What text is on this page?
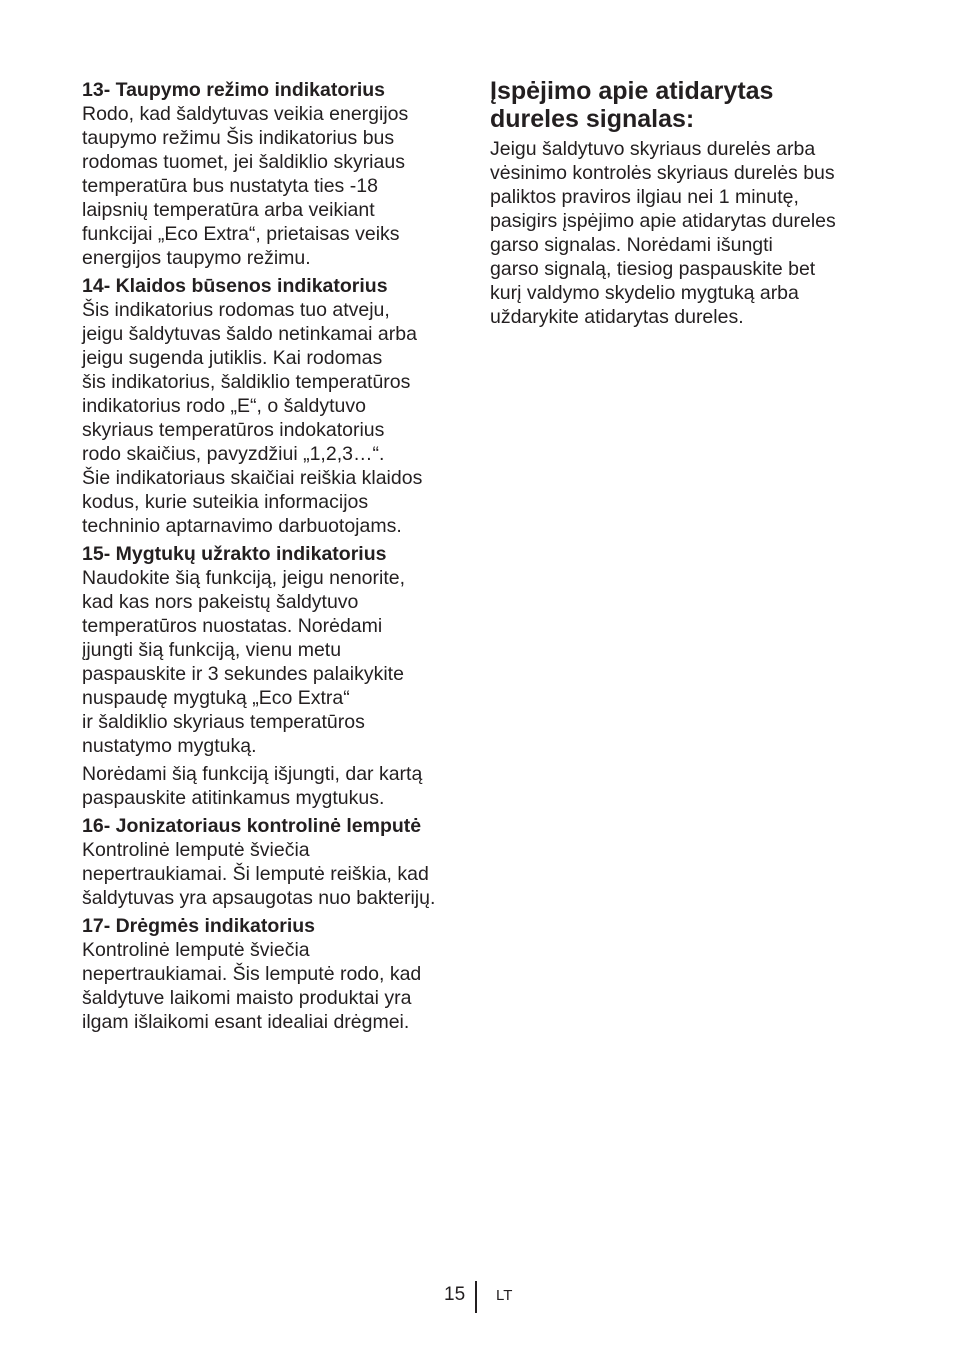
13- Taupymo režimo indikatorius

Rodo, kad šaldytuvas veikia energijos
taupymo režimu Šis indikatorius bus
rodomas tuomet, jei šaldiklio skyriaus
temperatūra bus nustatyta ties -18
laipsnių temperatūra arba veikiant
funkcijai „Eco Extra“, prietaisas veiks
energijos taupymo režimu.

14- Klaidos būsenos indikatorius

Šis indikatorius rodomas tuo atveju,
jeigu šaldytuvas šaldo netinkamai arba
jeigu sugenda jutiklis. Kai rodomas
šis indikatorius, šaldiklio temperatūros
indikatorius rodo „E“, o šaldytuvo
skyriaus temperatūros indokatorius
rodo skaičius, pavyzdžiui „1,2,3…“.
Šie indikatoriaus skaičiai reiškia klaidos
kodus, kurie suteikia informacijos
techninio aptarnavimo darbuotojams.

15- Mygtukų užrakto indikatorius

Naudokite šią funkciją, jeigu nenorite,
kad kas nors pakeistų šaldytuvo
temperatūros nuostatas. Norėdami
įjungti šią funkciją, vienu metu
paspauskite ir 3 sekundes palaikykite
nuspaudę mygtuką „Eco Extra“
ir šaldiklio skyriaus temperatūros
nustatymo mygtuką.

Norėdami šią funkciją išjungti, dar kartą
paspauskite atitinkamus mygtukus.

16- Jonizatoriaus kontrolinė lemputė

Kontrolinė lemputė šviečia
nepertraukiamai. Ši lemputė reiškia, kad
šaldytuvas yra apsaugotas nuo bakterijų.

17- Drėgmės indikatorius

Kontrolinė lemputė šviečia
nepertraukiamai. Šis lemputė rodo, kad
šaldytuve laikomi maisto produktai yra
ilgam išlaikomi esant idealiai drėgmei.

Įspėjimo apie atidarytas
dureles signalas:

Jeigu šaldytuvo skyriaus durelės arba
vėsinimo kontrolės skyriaus durelės bus
paliktos praviros ilgiau nei 1 minutę,
pasigirs įspėjimo apie atidarytas dureles
garso signalas. Norėdami išungti
garso signalą, tiesiog paspauskite bet
kurį valdymo skydelio mygtuką arba
uždarykite atidarytas dureles.

15 LT
